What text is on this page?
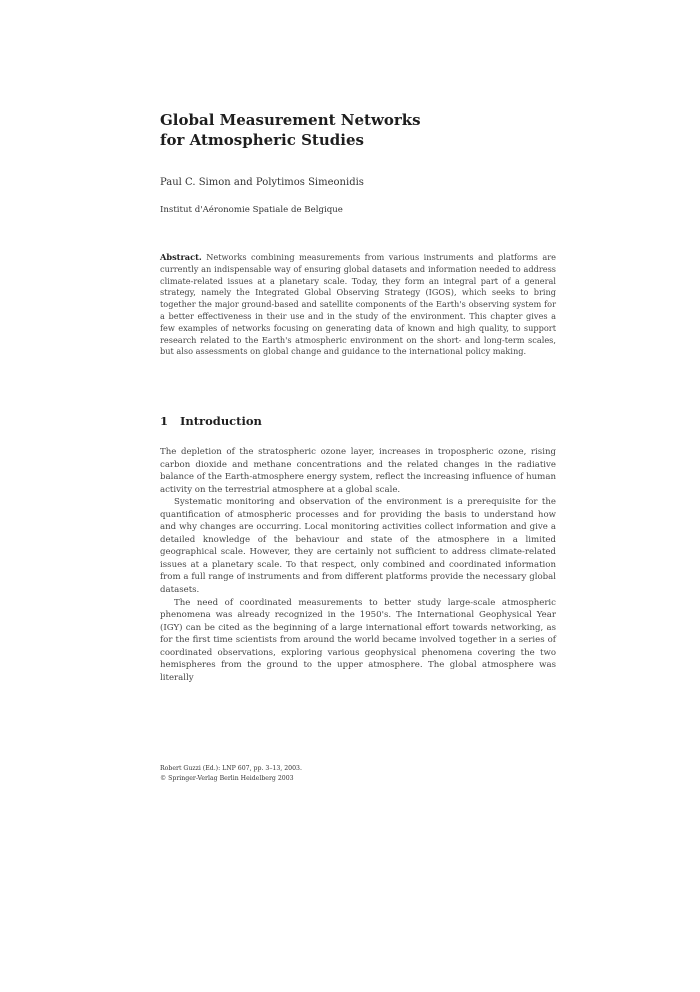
Global Measurement Networks
for Atmospheric Studies
Paul C. Simon and Polytimos Simeonidis
Institut d'Aéronomie Spatiale de Belgique
Abstract. Networks combining measurements from various instruments and platforms are currently an indispensable way of ensuring global datasets and information needed to address climate-related issues at a planetary scale. Today, they form an integral part of a general strategy, namely the Integrated Global Observing Strategy (IGOS), which seeks to bring together the major ground-based and satellite components of the Earth's observing system for a better effectiveness in their use and in the study of the environment. This chapter gives a few examples of networks focusing on generating data of known and high quality, to support research related to the Earth's atmospheric environment on the short- and long-term scales, but also assessments on global change and guidance to the international policy making.
1 Introduction

The depletion of the stratospheric ozone layer, increases in tropospheric ozone, rising carbon dioxide and methane concentrations and the related changes in the radiative balance of the Earth-atmosphere energy system, reflect the increasing influence of human activity on the terrestrial atmosphere at a global scale.

Systematic monitoring and observation of the environment is a prerequisite for the quantification of atmospheric processes and for providing the basis to understand how and why changes are occurring. Local monitoring activities collect information and give a detailed knowledge of the behaviour and state of the atmosphere in a limited geographical scale. However, they are certainly not sufficient to address climate-related issues at a planetary scale. To that respect, only combined and coordinated information from a full range of instruments and from different platforms provide the necessary global datasets.

The need of coordinated measurements to better study large-scale atmospheric phenomena was already recognized in the 1950's. The International Geophysical Year (IGY) can be cited as the beginning of a large international effort towards networking, as for the first time scientists from around the world became involved together in a series of coordinated observations, exploring various geophysical phenomena covering the two hemispheres from the ground to the upper atmosphere. The global atmosphere was literally

Robert Guzzi (Ed.): LNP 607, pp. 3–13, 2003.
© Springer-Verlag Berlin Heidelberg 2003
